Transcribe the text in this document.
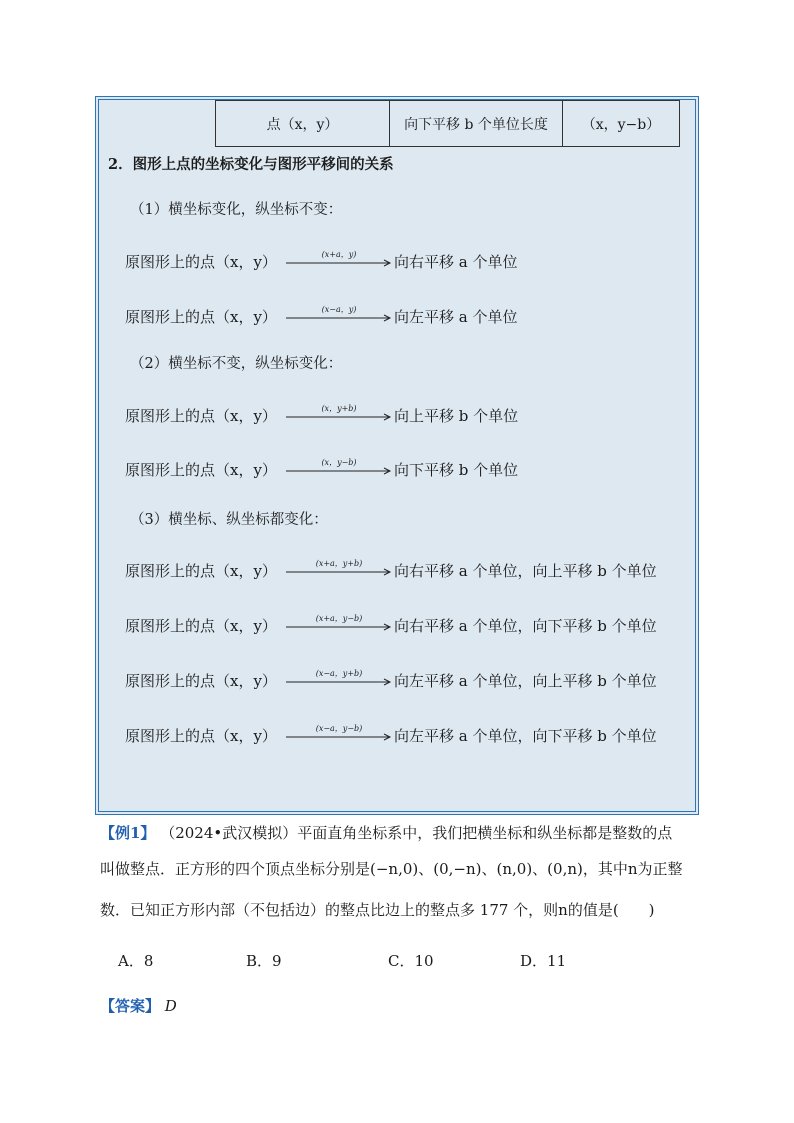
点（x，y）	向下平移 b 个单位长度	（x，y−b）
2．图形上点的坐标变化与图形平移间的关系
（1）横坐标变化，纵坐标不变：
（2）横坐标不变，纵坐标变化：
（3）横坐标、纵坐标都变化：
原图形上的点（x，y）	(x+a，y)	向右平移 a 个单位
原图形上的点（x，y）	(x−a，y)	向左平移 a 个单位
原图形上的点（x，y）	(x，y+b)	向上平移 b 个单位
原图形上的点（x，y）	(x，y−b)	向下平移 b 个单位
原图形上的点（x，y）	(x+a，y+b)	向右平移 a 个单位，向上平移 b 个单位
原图形上的点（x，y）	(x+a，y−b)	向右平移 a 个单位，向下平移 b 个单位
原图形上的点（x，y）	(x−a，y+b)	向左平移 a 个单位，向上平移 b 个单位
原图形上的点（x，y）	(x−a，y−b)	向左平移 a 个单位，向下平移 b 个单位
【例1】 （2024•武汉模拟）平面直角坐标系中，我们把横坐标和纵坐标都是整数的点
叫做整点．正方形的四个顶点坐标分别是(−n,0)、(0,−n)、(n,0)、(0,n)，其中n为正整
数．已知正方形内部（不包括边）的整点比边上的整点多 177 个，则n的值是(　　)
A．8	B．9	C．10	D．11
【答案】 D
